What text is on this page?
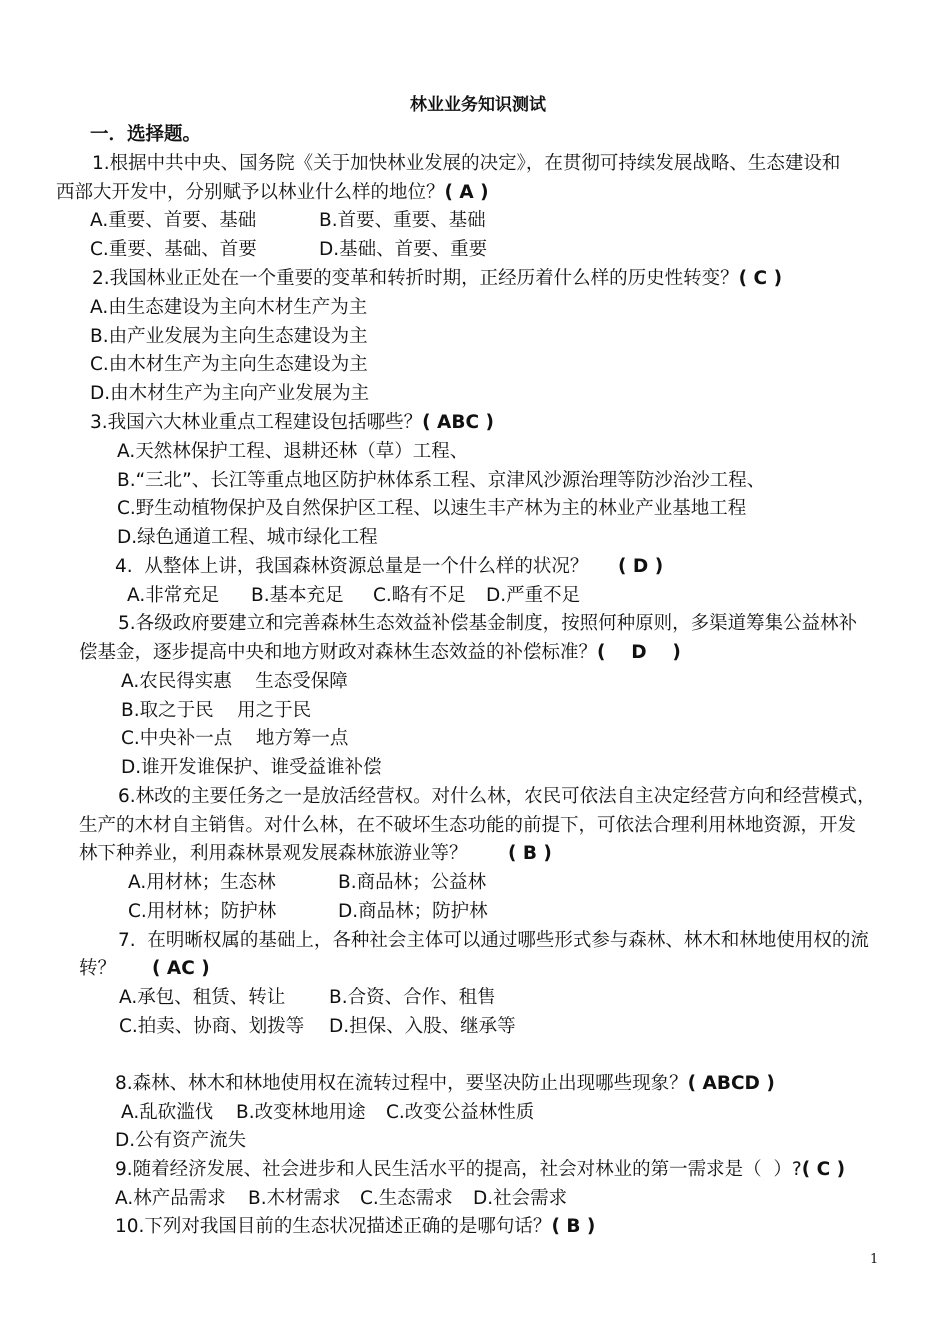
林业业务知识测试
一．选择题。
1.根据中共中央、国务院《关于加快林业发展的决定》，在贯彻可持续发展战略、生态建设和
西部大开发中，分别赋予以林业什么样的地位？( A )
A.重要、首要、基础	B.首要、重要、基础
C.重要、基础、首要	D.基础、首要、重要
2.我国林业正处在一个重要的变革和转折时期，正经历着什么样的历史性转变？( C )
A.由生态建设为主向木材生产为主
B.由产业发展为主向生态建设为主
C.由木材生产为主向生态建设为主
D.由木材生产为主向产业发展为主
3.我国六大林业重点工程建设包括哪些？( ABC )
A.天然林保护工程、退耕还林（草）工程、
B.“三北”、长江等重点地区防护林体系工程、京津风沙源治理等防沙治沙工程、
C.野生动植物保护及自然保护区工程、以速生丰产林为主的林业产业基地工程
D.绿色通道工程、城市绿化工程
4.  从整体上讲，我国森林资源总量是一个什么样的状况？ ( D )
A.非常充足 B.基本充足 C.略有不足 D.严重不足
5.各级政府要建立和完善森林生态效益补偿基金制度，按照何种原则，多渠道筹集公益林补
偿基金，逐步提高中央和地方财政对森林生态效益的补偿标准？(    D    )
A.农民得实惠    生态受保障
B.取之于民    用之于民
C.中央补一点    地方筹一点
D.谁开发谁保护、谁受益谁补偿
6.林改的主要任务之一是放活经营权。对什么林，农民可依法自主决定经营方向和经营模式，
生产的木材自主销售。对什么林，在不破坏生态功能的前提下，可依法合理利用林地资源，开发
林下种养业，利用森林景观发展森林旅游业等？ ( B )
A.用材林；生态林	B.商品林；公益林
C.用材林；防护林	D.商品林；防护林
7.  在明晰权属的基础上，各种社会主体可以通过哪些形式参与森林、林木和林地使用权的流
转？ ( AC )
A.承包、租赁、转让 B.合资、合作、租售
C.拍卖、协商、划拨等 D.担保、入股、继承等
8.森林、林木和林地使用权在流转过程中，要坚决防止出现哪些现象？( ABCD )
A.乱砍滥伐 B.改变林地用途 C.改变公益林性质
D.公有资产流失
9.随着经济发展、社会进步和人民生活水平的提高，社会对林业的第一需求是（  ）?( C )
A.林产品需求 B.木材需求 C.生态需求 D.社会需求
10.下列对我国目前的生态状况描述正确的是哪句话？( B )
1
